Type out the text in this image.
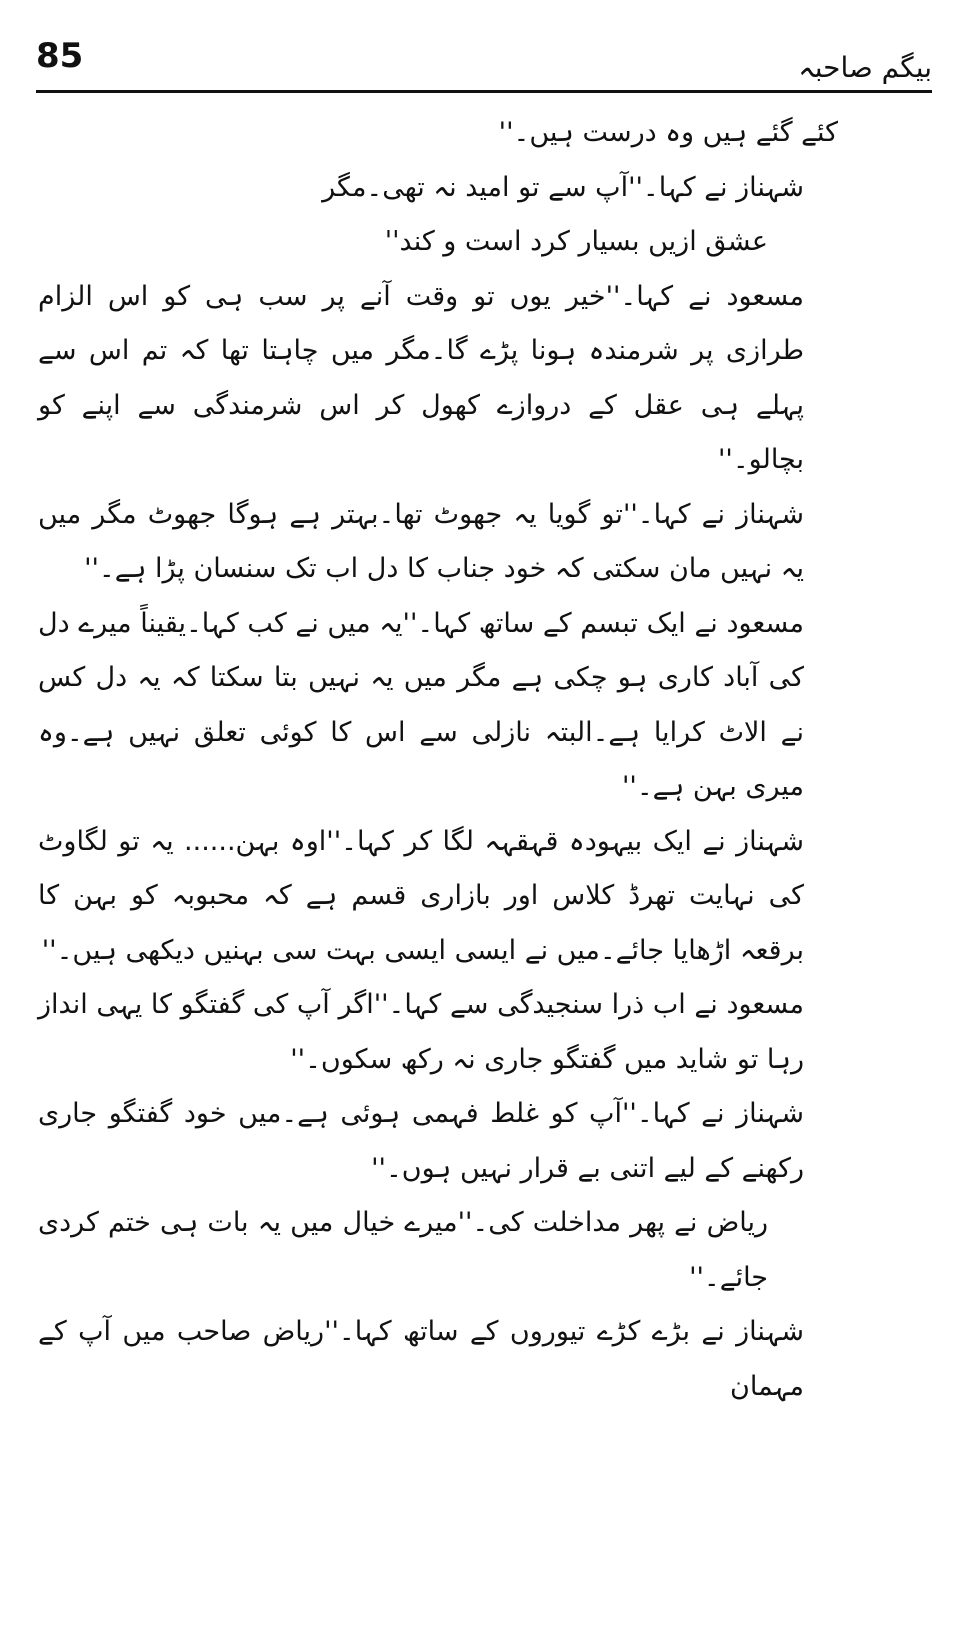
85	بیگم صاحبہ

کئے گئے ہیں وہ درست ہیں۔''

شہناز نے کہا۔''آپ سے تو امید نہ تھی۔مگر

عشق ازیں بسیار کرد است و کند''

مسعود نے کہا۔''خیر یوں تو وقت آنے پر سب ہی کو اس الزام طرازی پر شرمندہ ہونا پڑے گا۔مگر میں چاہتا تھا کہ تم اس سے پہلے ہی عقل کے دروازے کھول کر اس شرمندگی سے اپنے کو بچالو۔''

شہناز نے کہا۔''تو گویا یہ جھوٹ تھا۔بہتر ہے ہوگا جھوٹ مگر میں یہ نہیں مان سکتی کہ خود جناب کا دل اب تک سنسان پڑا ہے۔''

مسعود نے ایک تبسم کے ساتھ کہا۔''یہ میں نے کب کہا۔یقیناً میرے دل کی آباد کاری ہو چکی ہے مگر میں یہ نہیں بتا سکتا کہ یہ دل کس نے الاٹ کرایا ہے۔البتہ نازلی سے اس کا کوئی تعلق نہیں ہے۔وہ میری بہن ہے۔''

شہناز نے ایک بیہودہ قہقہہ لگا کر کہا۔''اوہ بہن...... یہ تو لگاوٹ کی نہایت تھرڈ کلاس اور بازاری قسم ہے کہ محبوبہ کو بہن کا برقعہ اڑھایا جائے۔میں نے ایسی ایسی بہت سی بہنیں دیکھی ہیں۔''

مسعود نے اب ذرا سنجیدگی سے کہا۔''اگر آپ کی گفتگو کا یہی انداز رہا تو شاید میں گفتگو جاری نہ رکھ سکوں۔''

شہناز نے کہا۔''آپ کو غلط فہمی ہوئی ہے۔میں خود گفتگو جاری رکھنے کے لیے اتنی بے قرار نہیں ہوں۔''

ریاض نے پھر مداخلت کی۔''میرے خیال میں یہ بات ہی ختم کردی جائے۔''

شہناز نے بڑے کڑے تیوروں کے ساتھ کہا۔''ریاض صاحب میں آپ کے مہمان
